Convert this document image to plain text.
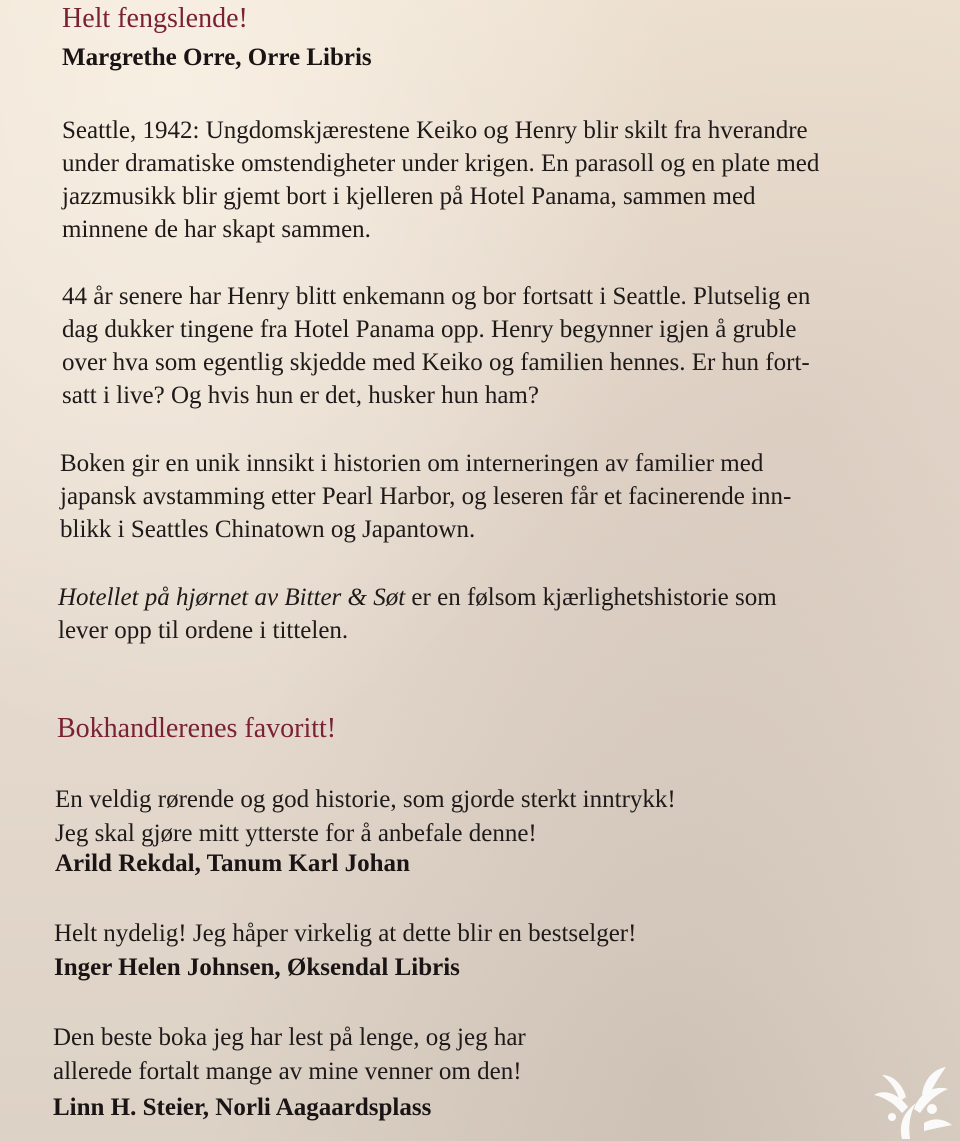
Helt fengslende!
Margrethe Orre, Orre Libris

Seattle, 1942: Ungdomskjærestene Keiko og Henry blir skilt fra hverandre
under dramatiske omstendigheter under krigen. En parasoll og en plate med
jazzmusikk blir gjemt bort i kjelleren på Hotel Panama, sammen med
minnene de har skapt sammen.

44 år senere har Henry blitt enkemann og bor fortsatt i Seattle. Plutselig en
dag dukker tingene fra Hotel Panama opp. Henry begynner igjen å gruble
over hva som egentlig skjedde med Keiko og familien hennes. Er hun fort-
satt i live? Og hvis hun er det, husker hun ham?

Boken gir en unik innsikt i historien om interneringen av familier med
japansk avstamming etter Pearl Harbor, og leseren får et facinerende inn-
blikk i Seattles Chinatown og Japantown.

Hotellet på hjørnet av Bitter & Søt er en følsom kjærlighetshistorie som
lever opp til ordene i tittelen.

Bokhandlerenes favoritt!
En veldig rørende og god historie, som gjorde sterkt inntrykk!
Jeg skal gjøre mitt ytterste for å anbefale denne!
Arild Rekdal, Tanum Karl Johan
Helt nydelig! Jeg håper virkelig at dette blir en bestselger!
Inger Helen Johnsen, Øksendal Libris
Den beste boka jeg har lest på lenge, og jeg har
allerede fortalt mange av mine venner om den!
Linn H. Steier, Norli Aagaardsplass
